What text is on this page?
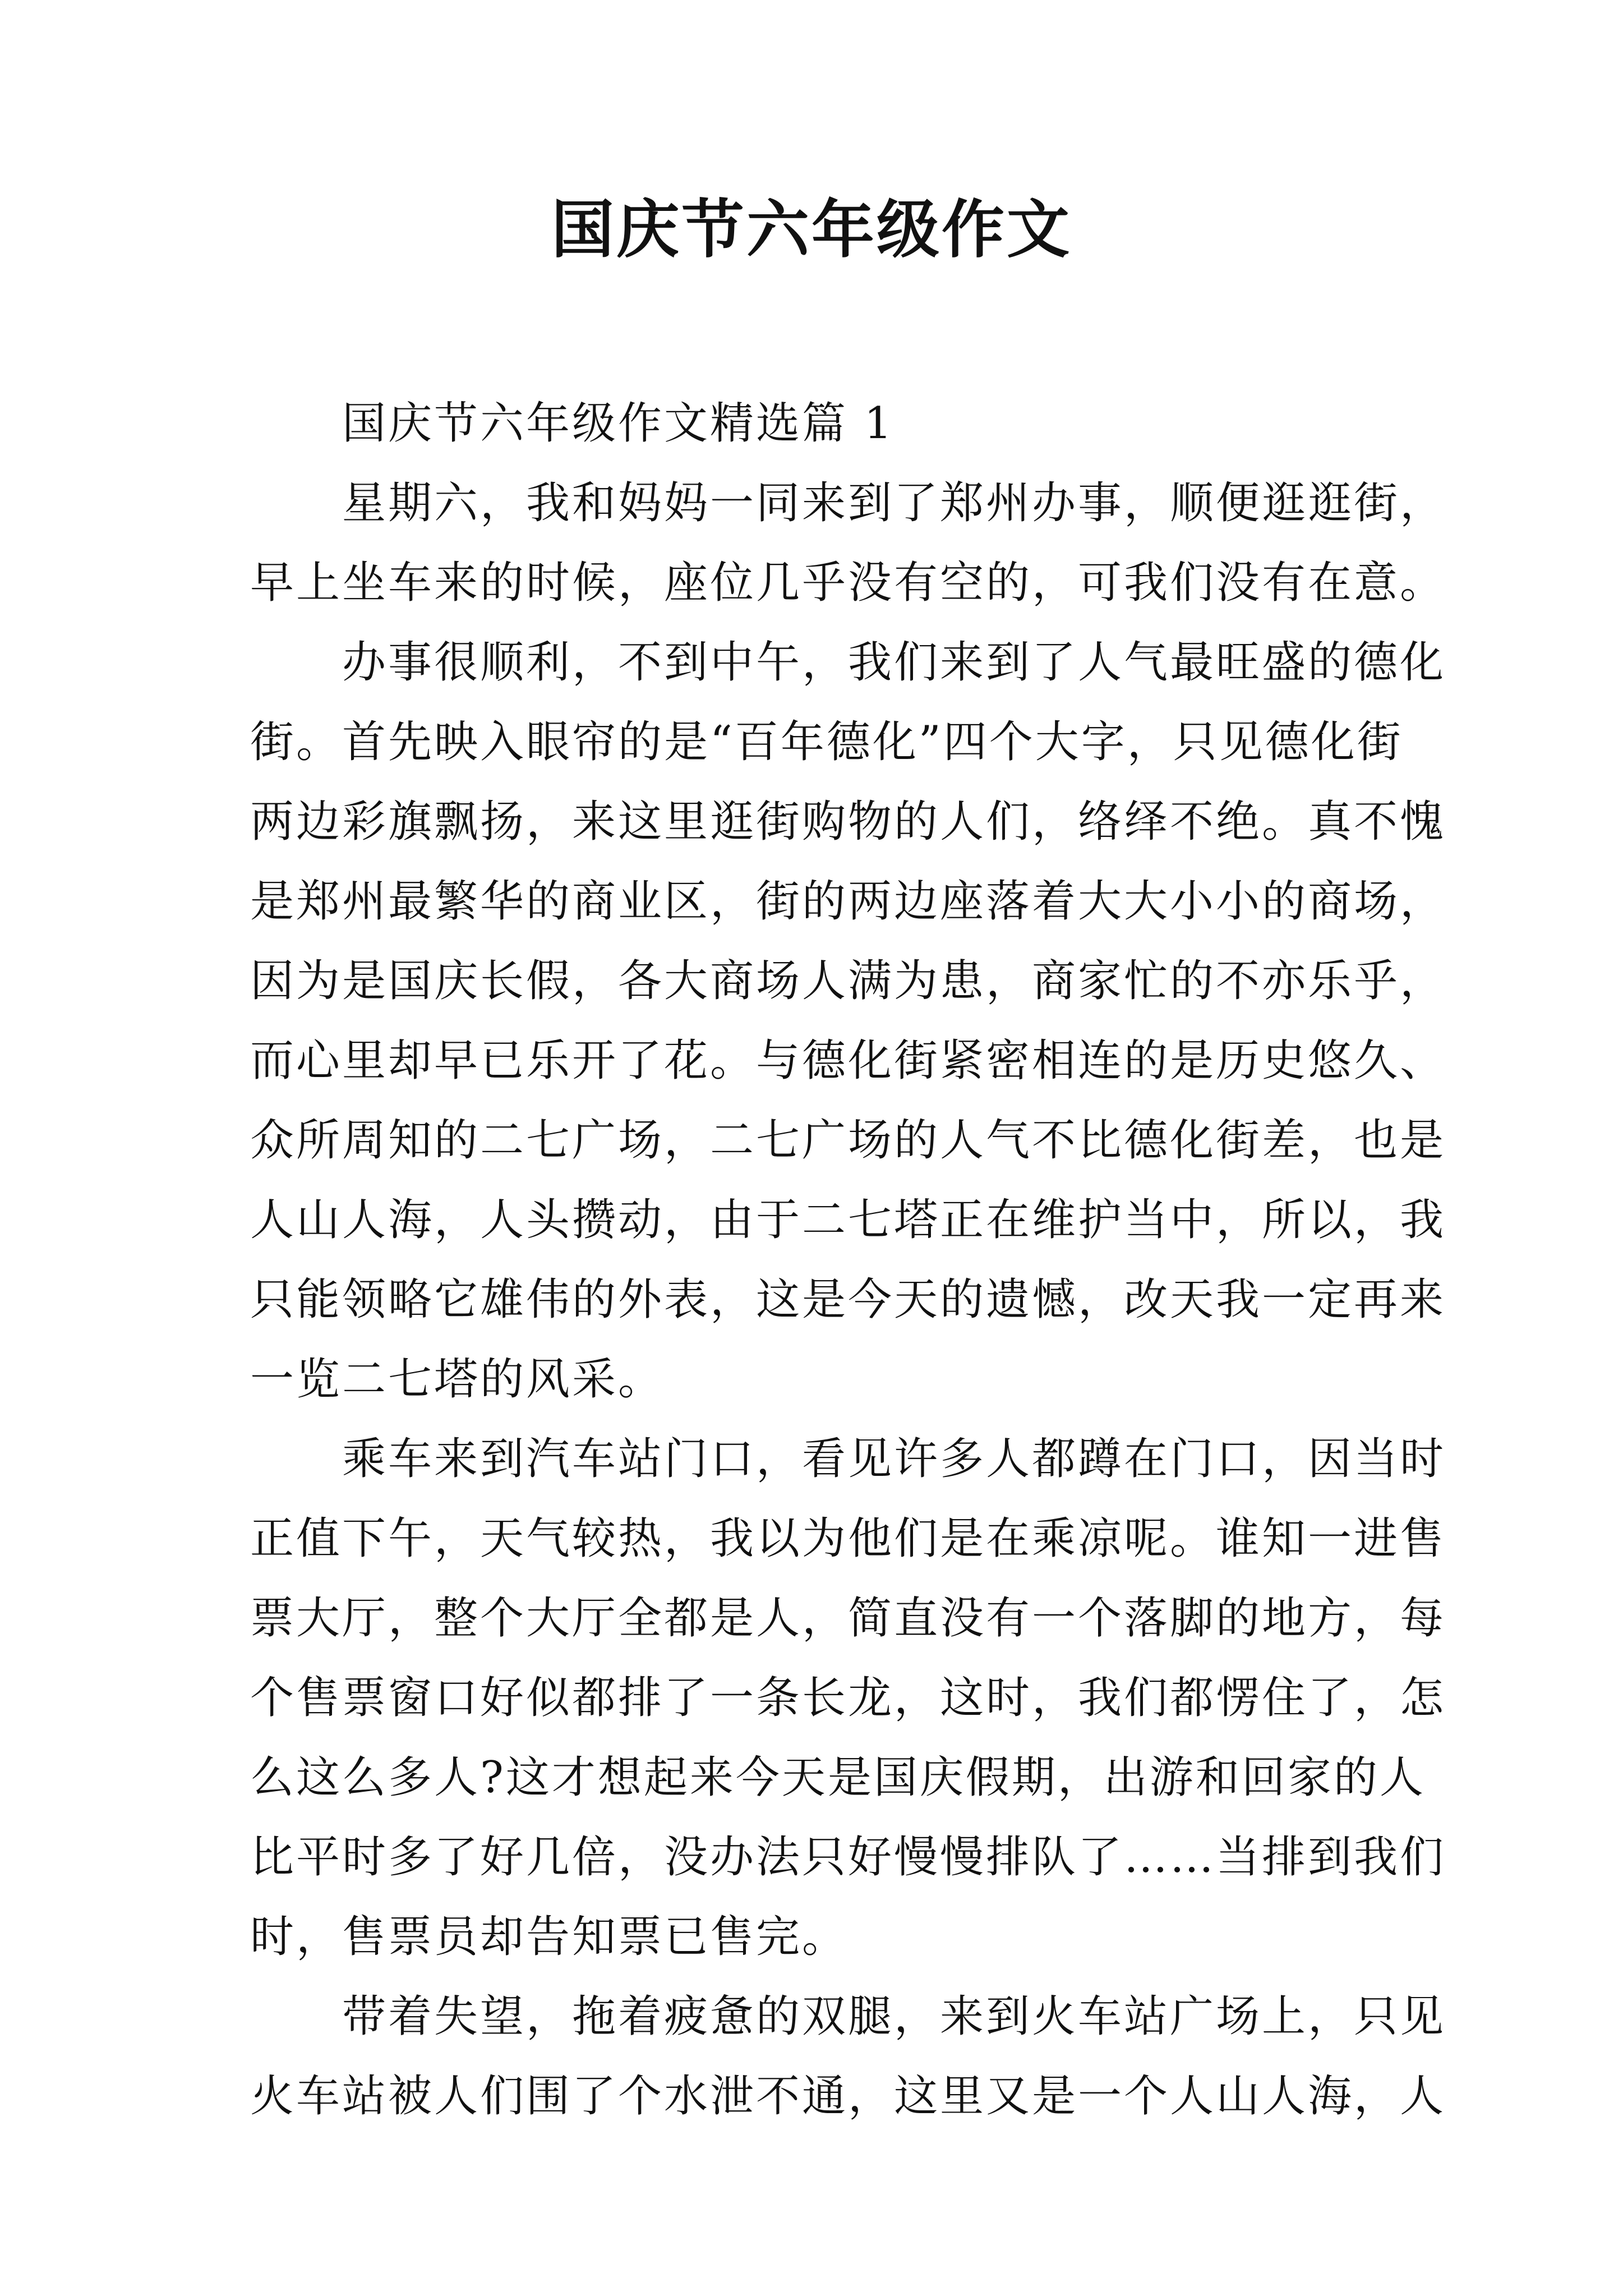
国庆节六年级作文
国庆节六年级作文精选篇 1
星期六，我和妈妈一同来到了郑州办事，顺便逛逛街，
早上坐车来的时候，座位几乎没有空的，可我们没有在意。
办事很顺利，不到中午，我们来到了人气最旺盛的德化
街。首先映入眼帘的是“百年德化”四个大字，只见德化街
两边彩旗飘扬，来这里逛街购物的人们，络绎不绝。真不愧
是郑州最繁华的商业区，街的两边座落着大大小小的商场，
因为是国庆长假，各大商场人满为患，商家忙的不亦乐乎，
而心里却早已乐开了花。与德化街紧密相连的是历史悠久、
众所周知的二七广场，二七广场的人气不比德化街差，也是
人山人海，人头攒动，由于二七塔正在维护当中，所以，我
只能领略它雄伟的外表，这是今天的遗憾，改天我一定再来
一览二七塔的风采。
乘车来到汽车站门口，看见许多人都蹲在门口，因当时
正值下午，天气较热，我以为他们是在乘凉呢。谁知一进售
票大厅，整个大厅全都是人，简直没有一个落脚的地方，每
个售票窗口好似都排了一条长龙，这时，我们都愣住了，怎
么这么多人?这才想起来今天是国庆假期，出游和回家的人
比平时多了好几倍，没办法只好慢慢排队了……当排到我们
时，售票员却告知票已售完。
带着失望，拖着疲惫的双腿，来到火车站广场上，只见
火车站被人们围了个水泄不通，这里又是一个人山人海，人
